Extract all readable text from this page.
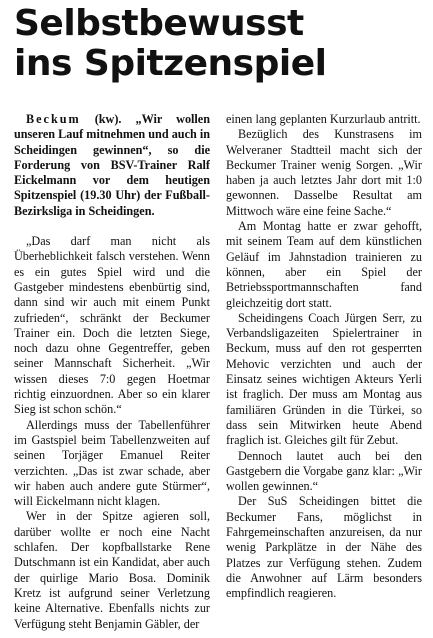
Selbstbewusst
ins Spitzenspiel

Beckum (kw). „Wir wollen unseren Lauf mitnehmen und auch in Scheidingen gewinnen“, so die Forderung von BSV-Trainer Ralf Eickelmann vor dem heutigen Spitzenspiel (19.30 Uhr) der Fußball-Bezirksliga in Scheidingen.

„Das darf man nicht als Überheblichkeit falsch verstehen. Wenn es ein gutes Spiel wird und die Gastgeber mindestens ebenbürtig sind, dann sind wir auch mit einem Punkt zufrieden“, schränkt der Beckumer Trainer ein. Doch die letzten Siege, noch dazu ohne Gegentreffer, geben seiner Mannschaft Sicherheit. „Wir wissen dieses 7:0 gegen Hoetmar richtig einzuordnen. Aber so ein klarer Sieg ist schon schön.“

Allerdings muss der Tabellenführer im Gastspiel beim Tabellenzweiten auf seinen Torjäger Emanuel Reiter verzichten. „Das ist zwar schade, aber wir haben auch andere gute Stürmer“, will Eickelmann nicht klagen.

Wer in der Spitze agieren soll, darüber wollte er noch eine Nacht schlafen. Der kopfballstarke Rene Dutschmann ist ein Kandidat, aber auch der quirlige Mario Bosa. Dominik Kretz ist aufgrund seiner Verletzung keine Alternative. Ebenfalls nichts zur Verfügung steht Benjamin Gäbler, der

einen lang geplanten Kurzurlaub antritt.

Bezüglich des Kunstrasens im Welveraner Stadtteil macht sich der Beckumer Trainer wenig Sorgen. „Wir haben ja auch letztes Jahr dort mit 1:0 gewonnen. Dasselbe Resultat am Mittwoch wäre eine feine Sache.“

Am Montag hatte er zwar gehofft, mit seinem Team auf dem künstlichen Geläuf im Jahnstadion trainieren zu können, aber ein Spiel der Betriebssportmannschaften fand gleichzeitig dort statt.

Scheidingens Coach Jürgen Serr, zu Verbandsligazeiten Spielertrainer in Beckum, muss auf den rot gesperrten Mehovic verzichten und auch der Einsatz seines wichtigen Akteurs Yerli ist fraglich. Der muss am Montag aus familiären Gründen in die Türkei, so dass sein Mitwirken heute Abend fraglich ist. Gleiches gilt für Zebut.

Dennoch lautet auch bei den Gastgebern die Vorgabe ganz klar: „Wir wollen gewinnen.“

Der SuS Scheidingen bittet die Beckumer Fans, möglichst in Fahrgemeinschaften anzureisen, da nur wenig Parkplätze in der Nähe des Platzes zur Verfügung stehen. Zudem die Anwohner auf Lärm besonders empfindlich reagieren.
